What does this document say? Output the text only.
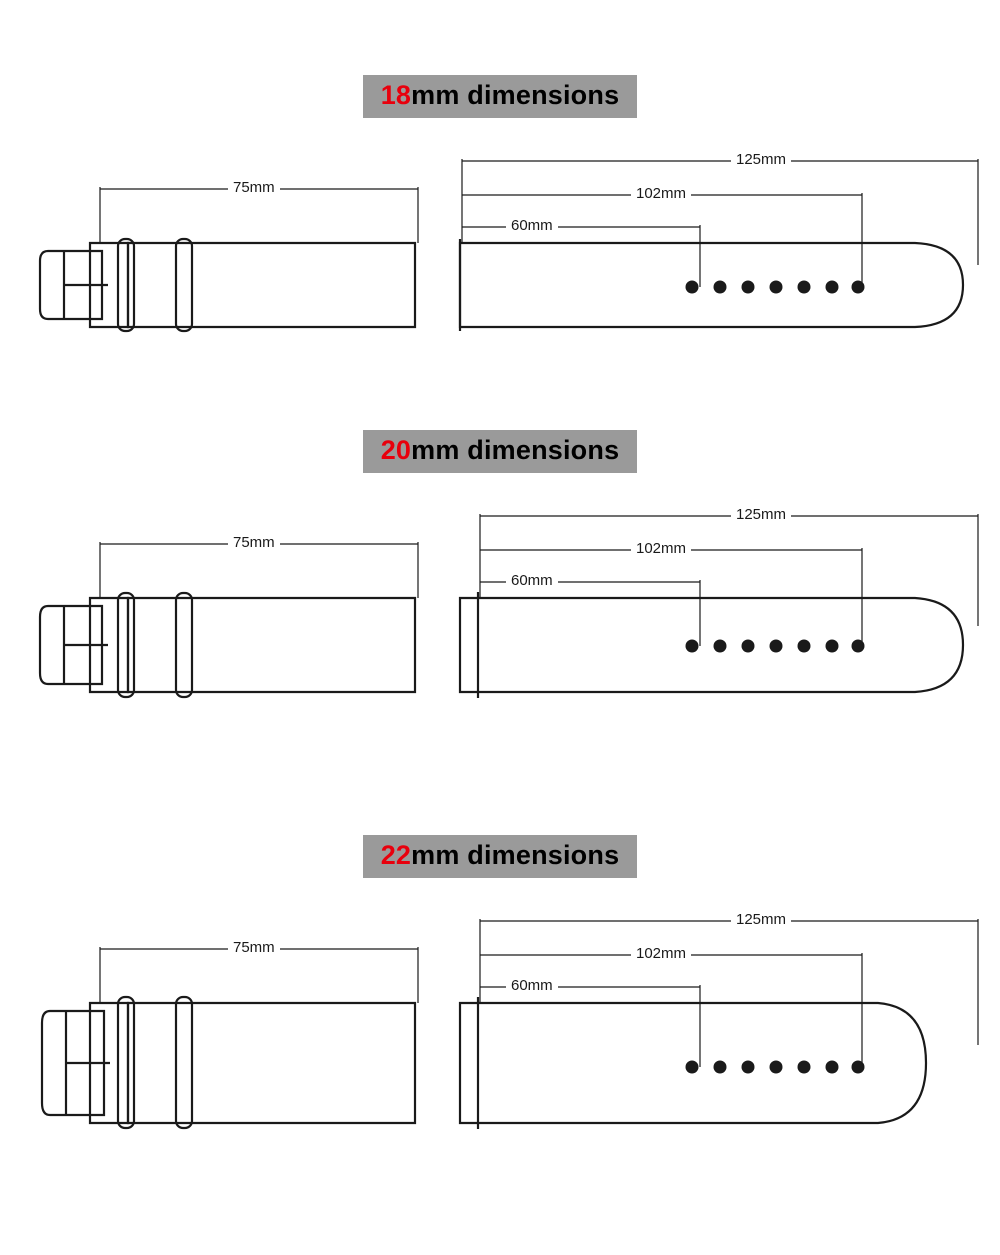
18mm dimensions
75mm
60mm
102mm
125mm
20mm dimensions
75mm
60mm
102mm
125mm
22mm dimensions
75mm
60mm
102mm
125mm
